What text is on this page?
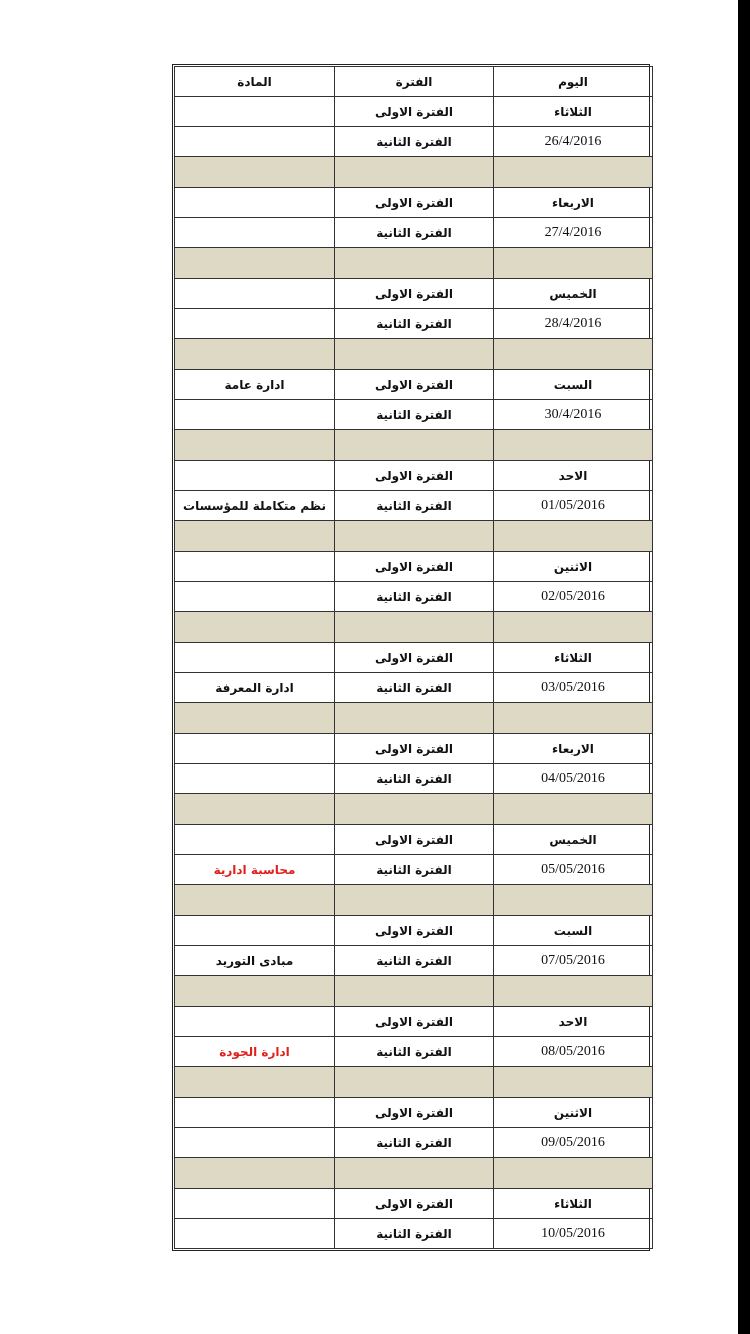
المادة	الفترة	اليوم
	الفترة الاولى	الثلاثاء
	الفترة الثانية	26/4/2016

	الفترة الاولى	الاربعاء
	الفترة الثانية	27/4/2016

	الفترة الاولى	الخميس
	الفترة الثانية	28/4/2016

ادارة عامة	الفترة الاولى	السبت
	الفترة الثانية	30/4/2016

	الفترة الاولى	الاحد
نظم متكاملة للمؤسسات	الفترة الثانية	01/05/2016

	الفترة الاولى	الاثنين
	الفترة الثانية	02/05/2016

	الفترة الاولى	الثلاثاء
ادارة المعرفة	الفترة الثانية	03/05/2016

	الفترة الاولى	الاربعاء
	الفترة الثانية	04/05/2016

	الفترة الاولى	الخميس
محاسبة ادارية	الفترة الثانية	05/05/2016

	الفترة الاولى	السبت
مبادى التوريد	الفترة الثانية	07/05/2016

	الفترة الاولى	الاحد
ادارة الجودة	الفترة الثانية	08/05/2016

	الفترة الاولى	الاثنين
	الفترة الثانية	09/05/2016

	الفترة الاولى	الثلاثاء
	الفترة الثانية	10/05/2016
